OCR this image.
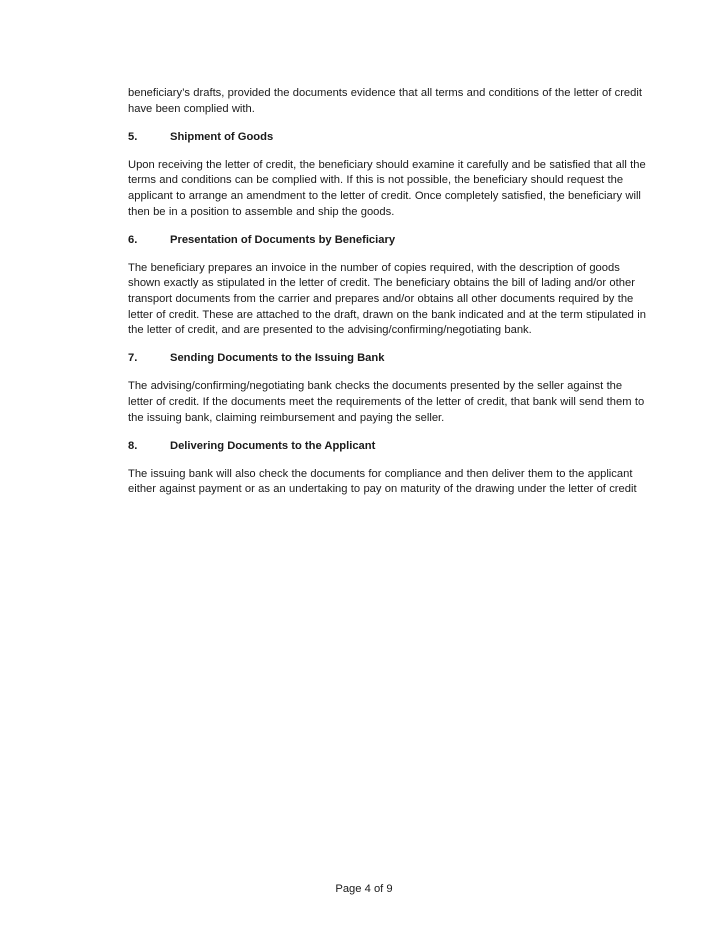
beneficiary’s drafts, provided the documents evidence that all terms and conditions of the letter of credit have been complied with.

5.	Shipment of Goods

Upon receiving the letter of credit, the beneficiary should examine it carefully and be satisfied that all the terms and conditions can be complied with. If this is not possible, the beneficiary should request the applicant to arrange an amendment to the letter of credit. Once completely satisfied, the beneficiary will then be in a position to assemble and ship the goods.

6.	Presentation of Documents by Beneficiary

The beneficiary prepares an invoice in the number of copies required, with the description of goods shown exactly as stipulated in the letter of credit. The beneficiary obtains the bill of lading and/or other transport documents from the carrier and prepares and/or obtains all other documents required by the letter of credit. These are attached to the draft, drawn on the bank indicated and at the term stipulated in the letter of credit, and are presented to the advising/confirming/negotiating bank.

7.	Sending Documents to the Issuing Bank

The advising/confirming/negotiating bank checks the documents presented by the seller against the letter of credit. If the documents meet the requirements of the letter of credit, that bank will send them to the issuing bank, claiming reimbursement and paying the seller.

8.	Delivering Documents to the Applicant

The issuing bank will also check the documents for compliance and then deliver them to the applicant either against payment or as an undertaking to pay on maturity of the drawing under the letter of credit

Page 4 of 9
